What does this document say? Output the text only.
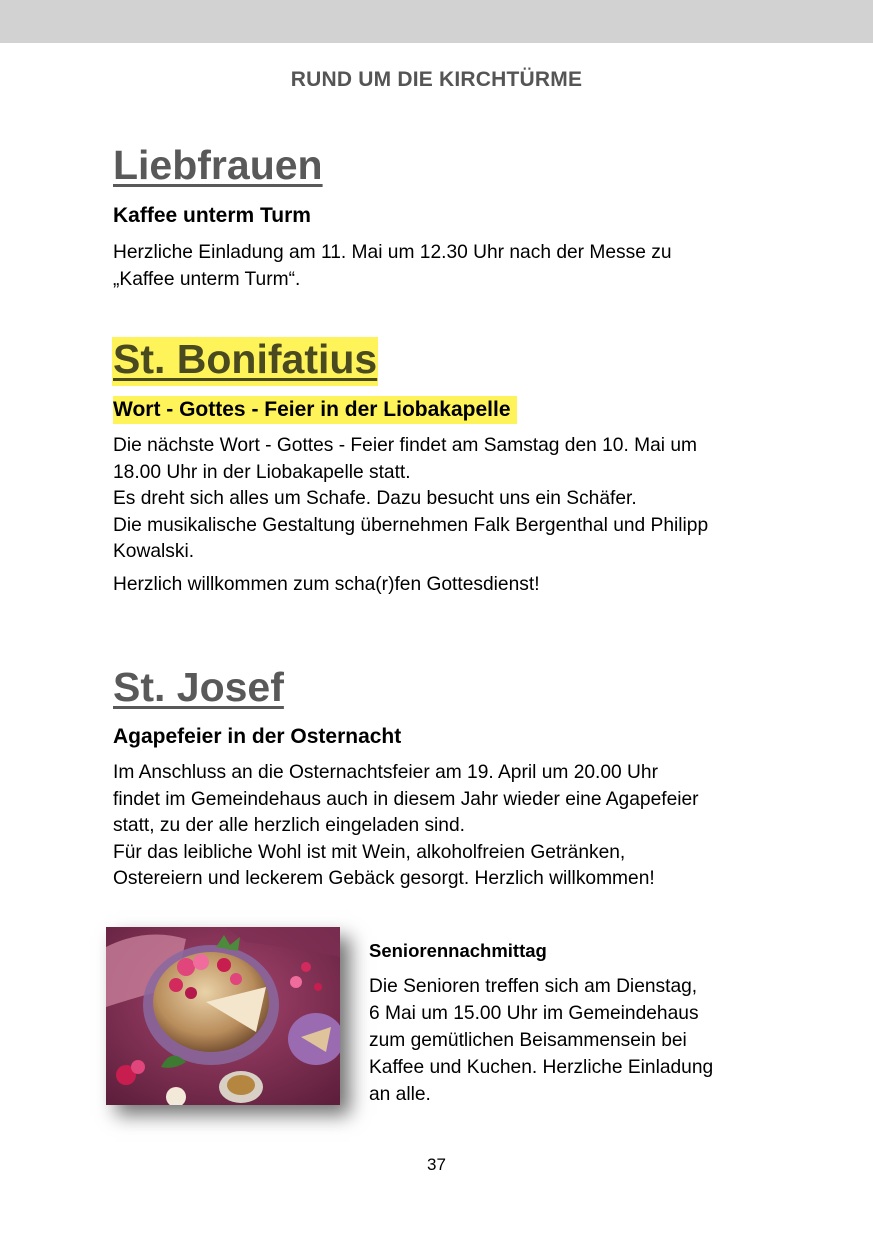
RUND UM DIE KIRCHTÜRME
Liebfrauen
Kaffee unterm Turm
Herzliche Einladung am 11. Mai um 12.30 Uhr nach der Messe zu
„Kaffee unterm Turm“.
St. Bonifatius
Wort - Gottes - Feier in der Liobakapelle
Die nächste Wort - Gottes - Feier findet am Samstag den 10. Mai um
18.00 Uhr in der Liobakapelle statt.
Es dreht sich alles um Schafe. Dazu besucht uns ein Schäfer.
Die musikalische Gestaltung übernehmen Falk Bergenthal und Philipp
Kowalski.
Herzlich willkommen zum scha(r)fen Gottesdienst!
St. Josef
Agapefeier in der Osternacht
Im Anschluss an die Osternachtsfeier am 19. April um 20.00 Uhr
findet im Gemeindehaus auch in diesem Jahr wieder eine Agapefeier
statt, zu der alle herzlich eingeladen sind.
Für das leibliche Wohl ist mit Wein, alkoholfreien Getränken,
Ostereiern und leckerem Gebäck gesorgt. Herzlich willkommen!
Seniorennachmittag
Die Senioren treffen sich am Dienstag,
6 Mai um 15.00 Uhr im Gemeindehaus
zum gemütlichen Beisammensein bei
Kaffee und Kuchen. Herzliche Einladung
an alle.
37
